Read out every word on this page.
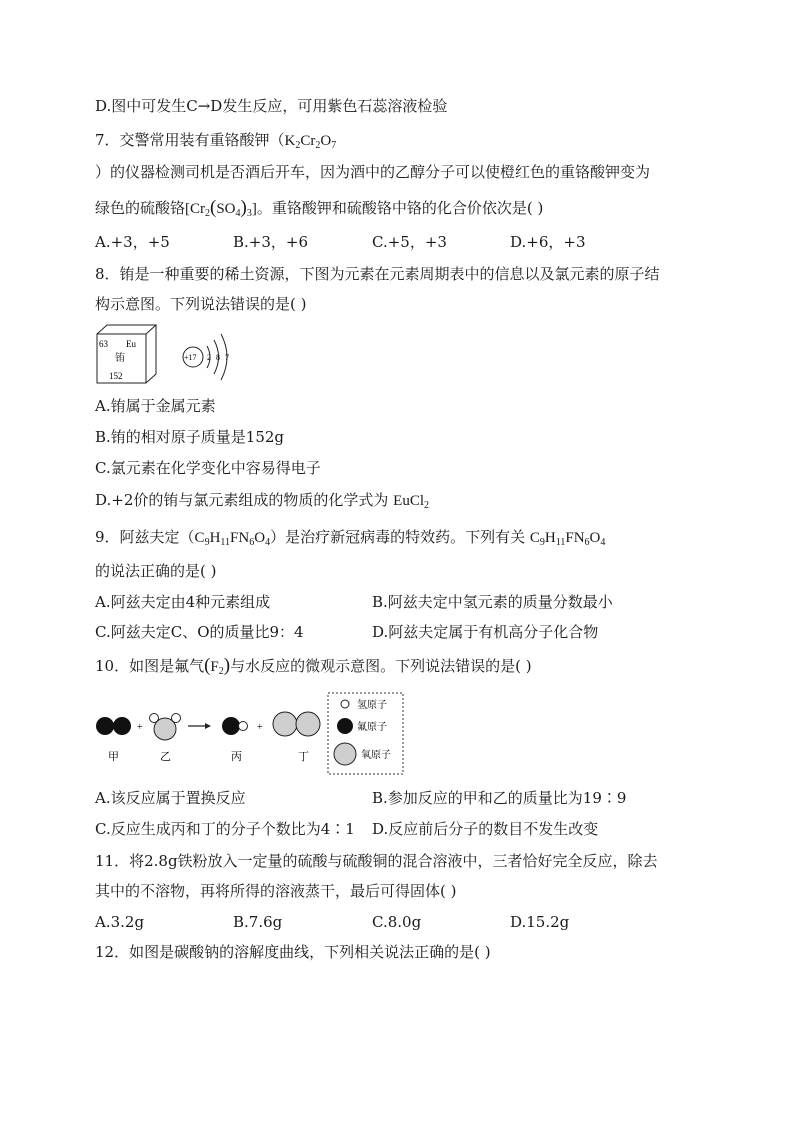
D.图中可发生C→D发生反应，可用紫色石蕊溶液检验
7．交警常用装有重铬酸钾（$K_2Cr_2O_7$
）的仪器检测司机是否酒后开车，因为酒中的乙醇分子可以使橙红色的重铬酸钾变为
绿色的硫酸铬$[Cr_2(SO_4)_3]$。重铬酸钾和硫酸铬中铬的化合价依次是( )
A.+3，+5	B.+3，+6	C.+5，+3	D.+6，+3
8．铕是一种重要的稀土资源，下图为元素在元素周期表中的信息以及氯元素的原子结
构示意图。下列说法错误的是( )
63 Eu
铕
152
+17 2 8 7
A.铕属于金属元素
B.铕的相对原子质量是152g
C.氯元素在化学变化中容易得电子
D.+2价的铕与氯元素组成的物质的化学式为 EuCl$_2$
9．阿兹夫定$(C_9H_{11}FN_6O_4)$是治疗新冠病毒的特效药。下列有关 $C_9H_{11}FN_6O_4$
的说法正确的是( )
A.阿兹夫定由4种元素组成	B.阿兹夫定中氢元素的质量分数最小
C.阿兹夫定C、O的质量比9：4	D.阿兹夫定属于有机高分子化合物
10．如图是氟气$(F_2)$与水反应的微观示意图。下列说法错误的是( )
+	+
甲	乙	丙	丁
氢原子
氟原子
氧原子
A.该反应属于置换反应	B.参加反应的甲和乙的质量比为19∶9
C.反应生成丙和丁的分子个数比为4∶1 D.反应前后分子的数目不发生改变
11．将2.8g铁粉放入一定量的硫酸与硫酸铜的混合溶液中，三者恰好完全反应，除去
其中的不溶物，再将所得的溶液蒸干，最后可得固体( )
A.3.2g	B.7.6g	C.8.0g	D.15.2g
12．如图是碳酸钠的溶解度曲线，下列相关说法正确的是( )
